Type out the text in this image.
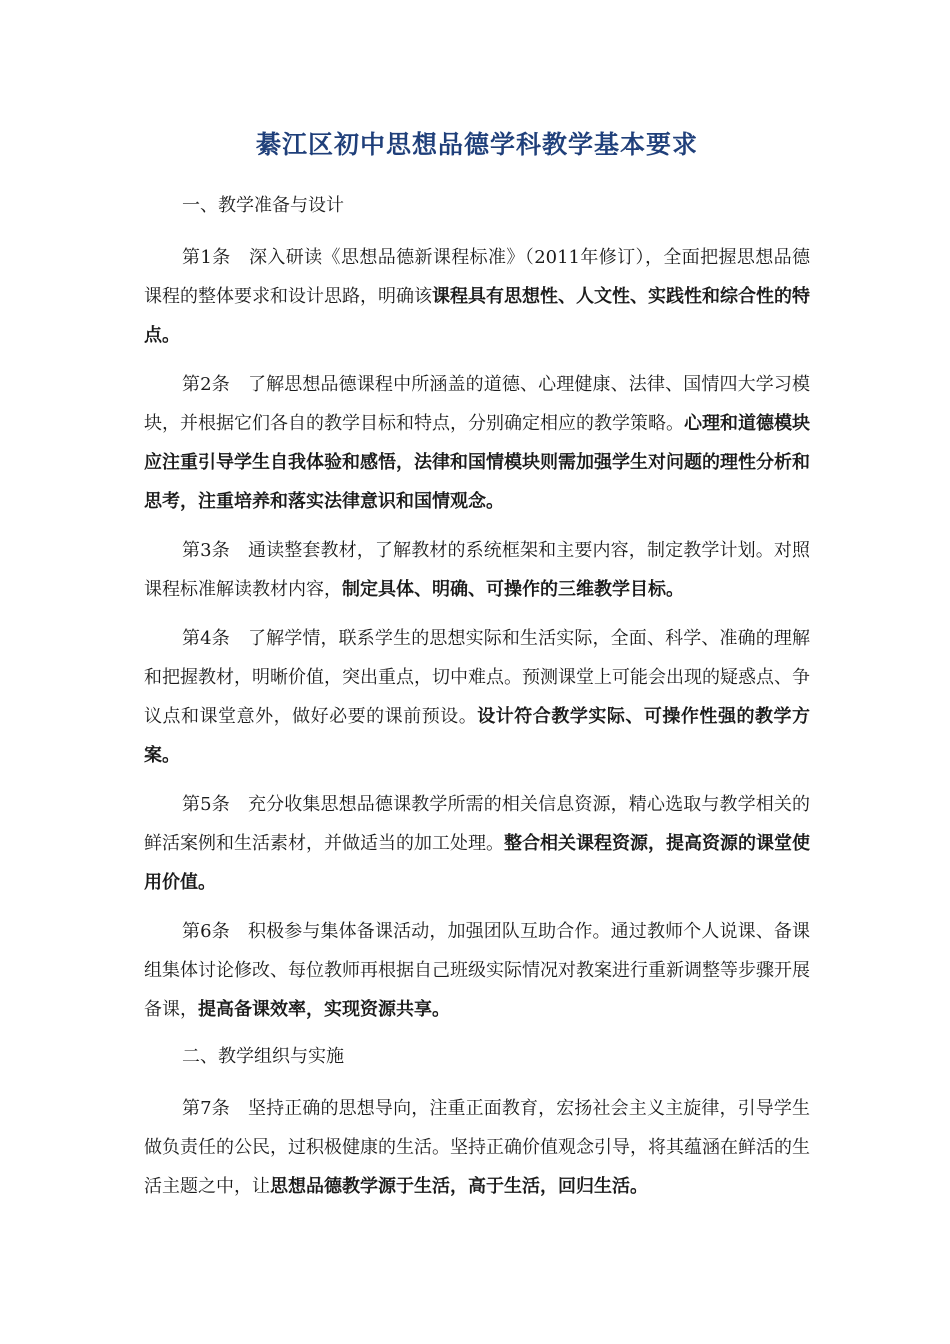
綦江区初中思想品德学科教学基本要求
一、教学准备与设计

第1条　深入研读《思想品德新课程标准》（2011年修订），全面把握思想品德课程的整体要求和设计思路，明确该课程具有思想性、人文性、实践性和综合性的特点。

第2条　了解思想品德课程中所涵盖的道德、心理健康、法律、国情四大学习模块，并根据它们各自的教学目标和特点，分别确定相应的教学策略。心理和道德模块应注重引导学生自我体验和感悟，法律和国情模块则需加强学生对问题的理性分析和思考，注重培养和落实法律意识和国情观念。

第3条　通读整套教材，了解教材的系统框架和主要内容，制定教学计划。对照课程标准解读教材内容，制定具体、明确、可操作的三维教学目标。

第4条　了解学情，联系学生的思想实际和生活实际，全面、科学、准确的理解和把握教材，明晰价值，突出重点，切中难点。预测课堂上可能会出现的疑惑点、争议点和课堂意外，做好必要的课前预设。设计符合教学实际、可操作性强的教学方案。

第5条　充分收集思想品德课教学所需的相关信息资源，精心选取与教学相关的鲜活案例和生活素材，并做适当的加工处理。整合相关课程资源，提高资源的课堂使用价值。

第6条　积极参与集体备课活动，加强团队互助合作。通过教师个人说课、备课组集体讨论修改、每位教师再根据自己班级实际情况对教案进行重新调整等步骤开展备课，提高备课效率，实现资源共享。

二、教学组织与实施

第7条　坚持正确的思想导向，注重正面教育，宏扬社会主义主旋律，引导学生做负责任的公民，过积极健康的生活。坚持正确价值观念引导，将其蕴涵在鲜活的生活主题之中，让思想品德教学源于生活，高于生活，回归生活。
